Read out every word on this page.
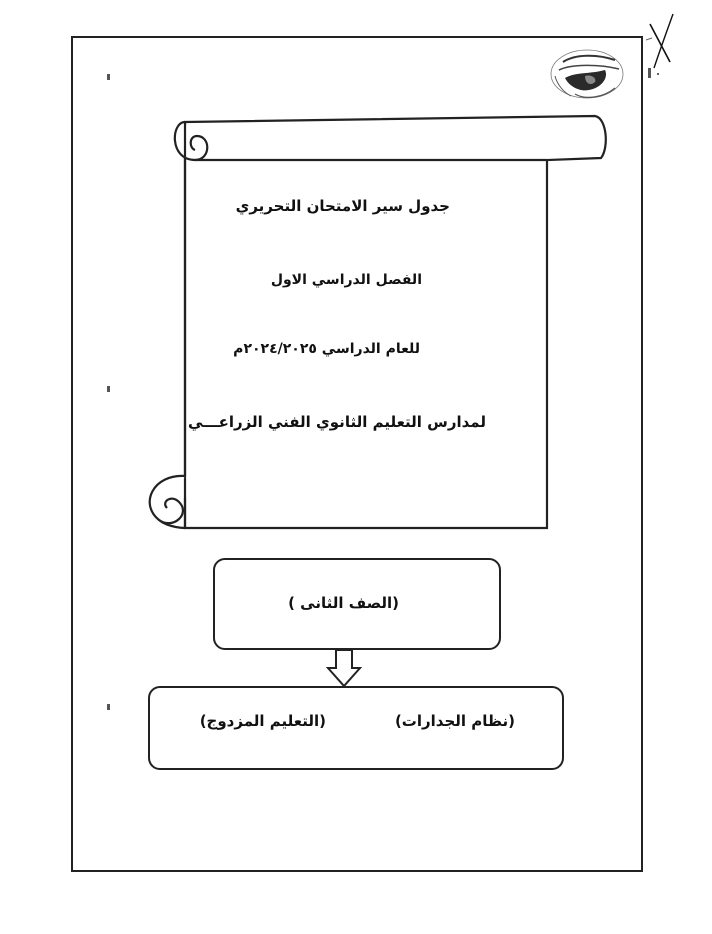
جدول سير الامتحان التحريري
الفصل الدراسي الاول
للعام الدراسي ٢٠٢٤/٢٠٢٥م
لمدارس التعليم الثانوي الفني الزراعـــي
(الصف الثانى )
(نظام الجدارات)
(التعليم المزدوج)
